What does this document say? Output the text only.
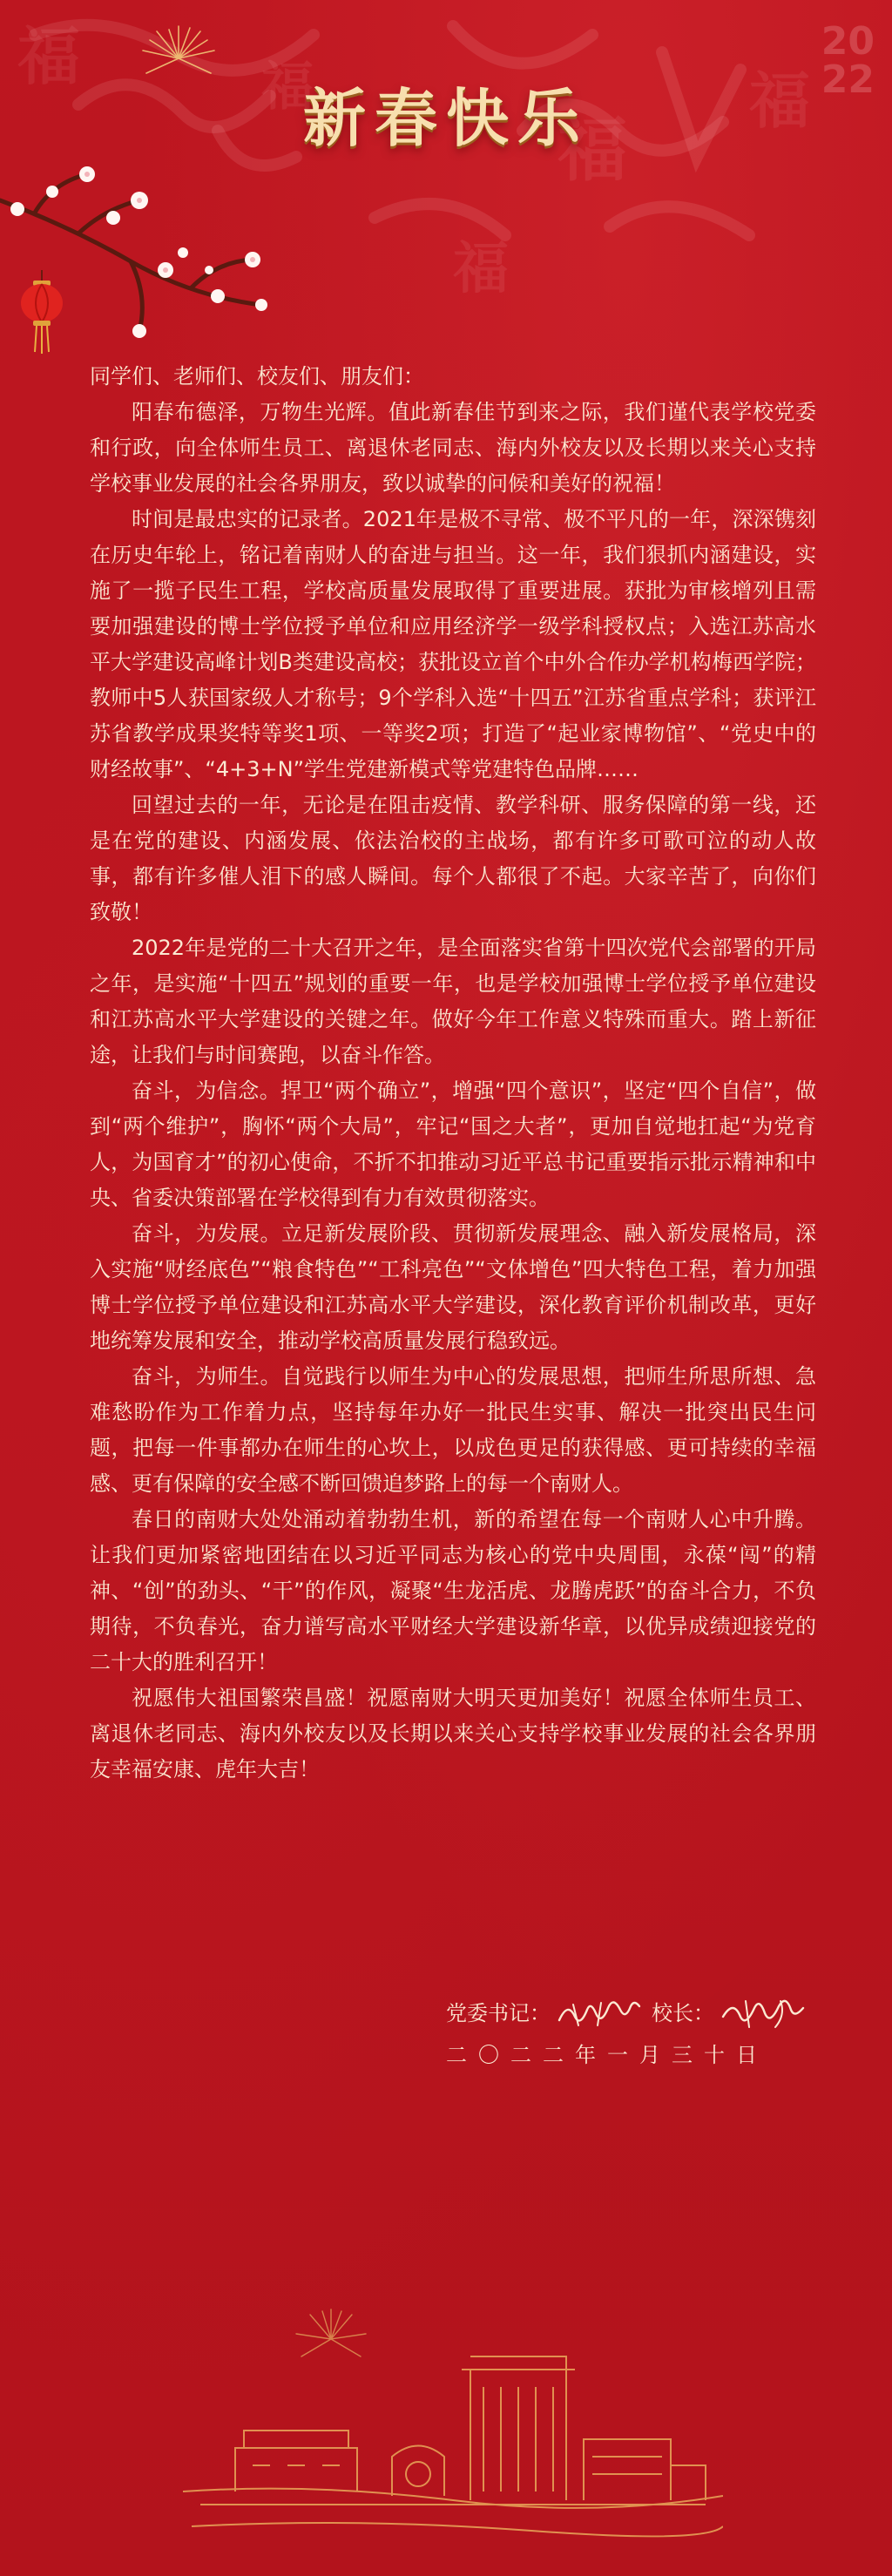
福	福
福
福
福
20
22
新春快乐

同学们、老师们、校友们、朋友们：

阳春布德泽，万物生光辉。值此新春佳节到来之际，我们谨代表学校党委和行政，向全体师生员工、离退休老同志、海内外校友以及长期以来关心支持学校事业发展的社会各界朋友，致以诚挚的问候和美好的祝福！

时间是最忠实的记录者。2021年是极不寻常、极不平凡的一年，深深镌刻在历史年轮上，铭记着南财人的奋进与担当。这一年，我们狠抓内涵建设，实施了一揽子民生工程，学校高质量发展取得了重要进展。获批为审核增列且需要加强建设的博士学位授予单位和应用经济学一级学科授权点；入选江苏高水平大学建设高峰计划B类建设高校；获批设立首个中外合作办学机构梅西学院；教师中5人获国家级人才称号；9个学科入选“十四五”江苏省重点学科；获评江苏省教学成果奖特等奖1项、一等奖2项；打造了“起业家博物馆”、“党史中的财经故事”、“4+3+N”学生党建新模式等党建特色品牌……

回望过去的一年，无论是在阻击疫情、教学科研、服务保障的第一线，还是在党的建设、内涵发展、依法治校的主战场，都有许多可歌可泣的动人故事，都有许多催人泪下的感人瞬间。每个人都很了不起。大家辛苦了，向你们致敬！

2022年是党的二十大召开之年，是全面落实省第十四次党代会部署的开局之年，是实施“十四五”规划的重要一年，也是学校加强博士学位授予单位建设和江苏高水平大学建设的关键之年。做好今年工作意义特殊而重大。踏上新征途，让我们与时间赛跑，以奋斗作答。

奋斗，为信念。捍卫“两个确立”，增强“四个意识”，坚定“四个自信”，做到“两个维护”，胸怀“两个大局”，牢记“国之大者”，更加自觉地扛起“为党育人，为国育才”的初心使命，不折不扣推动习近平总书记重要指示批示精神和中央、省委决策部署在学校得到有力有效贯彻落实。

奋斗，为发展。立足新发展阶段、贯彻新发展理念、融入新发展格局，深入实施“财经底色”“粮食特色”“工科亮色”“文体增色”四大特色工程，着力加强博士学位授予单位建设和江苏高水平大学建设，深化教育评价机制改革，更好地统筹发展和安全，推动学校高质量发展行稳致远。

奋斗，为师生。自觉践行以师生为中心的发展思想，把师生所思所想、急难愁盼作为工作着力点，坚持每年办好一批民生实事、解决一批突出民生问题，把每一件事都办在师生的心坎上，以成色更足的获得感、更可持续的幸福感、更有保障的安全感不断回馈追梦路上的每一个南财人。

春日的南财大处处涌动着勃勃生机，新的希望在每一个南财人心中升腾。让我们更加紧密地团结在以习近平同志为核心的党中央周围，永葆“闯”的精神、“创”的劲头、“干”的作风，凝聚“生龙活虎、龙腾虎跃”的奋斗合力，不负期待，不负春光，奋力谱写高水平财经大学建设新华章，以优异成绩迎接党的二十大的胜利召开！

祝愿伟大祖国繁荣昌盛！祝愿南财大明天更加美好！祝愿全体师生员工、离退休老同志、海内外校友以及长期以来关心支持学校事业发展的社会各界朋友幸福安康、虎年大吉！

党委书记：	校长：
二〇二二年一月三十日
